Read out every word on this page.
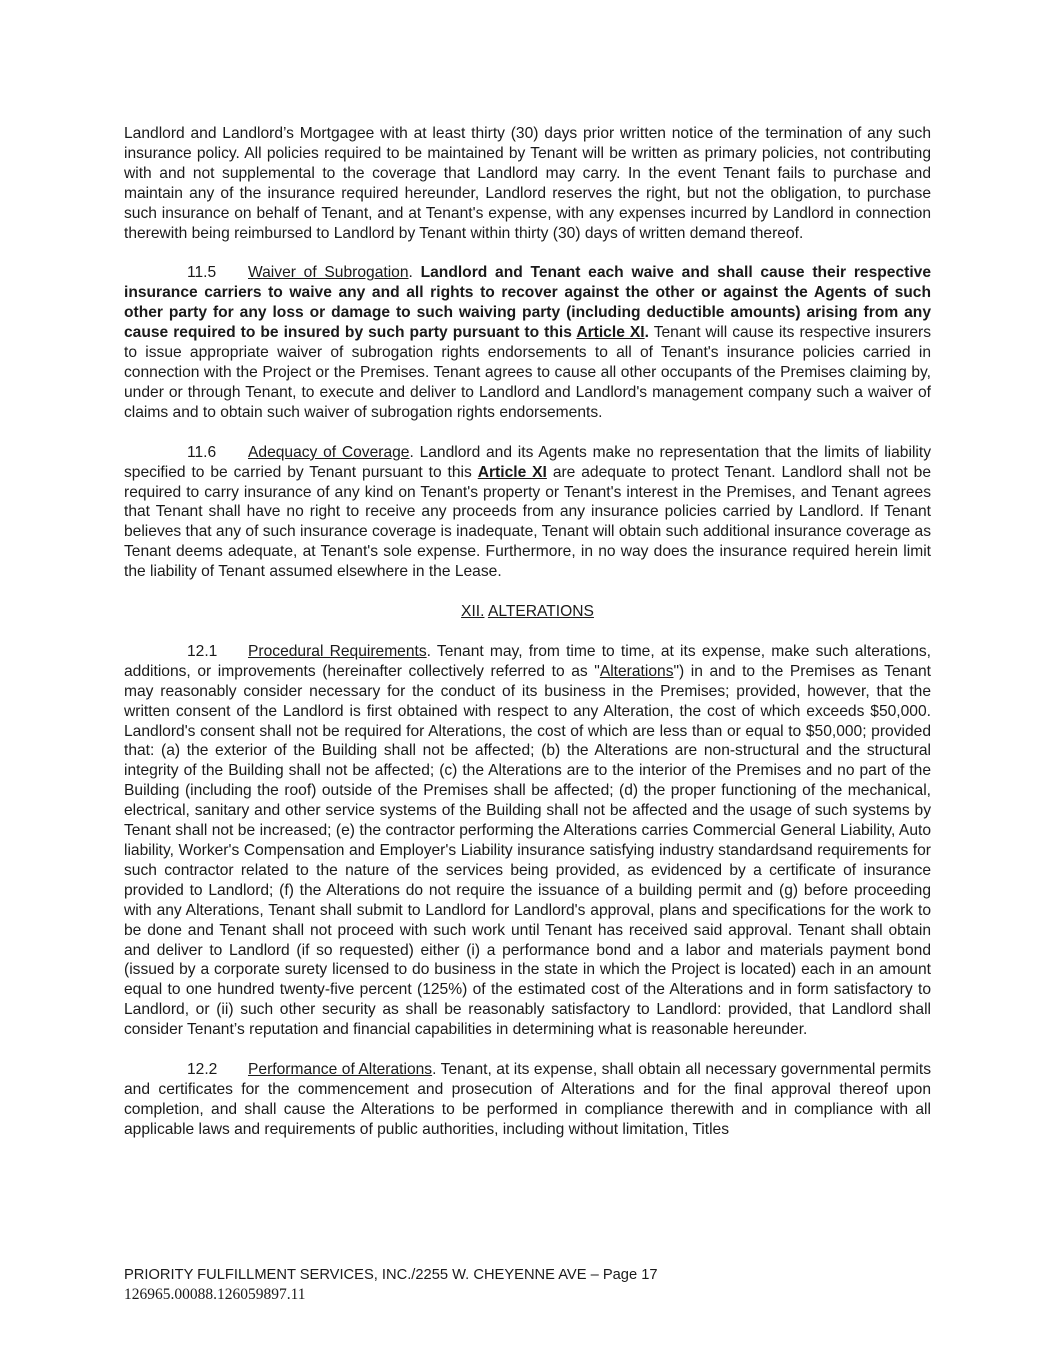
Landlord and Landlord’s Mortgagee with at least thirty (30) days prior written notice of the termination of any such insurance policy. All policies required to be maintained by Tenant will be written as primary policies, not contributing with and not supplemental to the coverage that Landlord may carry. In the event Tenant fails to purchase and maintain any of the insurance required hereunder, Landlord reserves the right, but not the obligation, to purchase such insurance on behalf of Tenant, and at Tenant's expense, with any expenses incurred by Landlord in connection therewith being reimbursed to Landlord by Tenant within thirty (30) days of written demand thereof.

11.5 Waiver of Subrogation. Landlord and Tenant each waive and shall cause their respective insurance carriers to waive any and all rights to recover against the other or against the Agents of such other party for any loss or damage to such waiving party (including deductible amounts) arising from any cause required to be insured by such party pursuant to this Article XI. Tenant will cause its respective insurers to issue appropriate waiver of subrogation rights endorsements to all of Tenant's insurance policies carried in connection with the Project or the Premises. Tenant agrees to cause all other occupants of the Premises claiming by, under or through Tenant, to execute and deliver to Landlord and Landlord's management company such a waiver of claims and to obtain such waiver of subrogation rights endorsements.

11.6 Adequacy of Coverage. Landlord and its Agents make no representation that the limits of liability specified to be carried by Tenant pursuant to this Article XI are adequate to protect Tenant. Landlord shall not be required to carry insurance of any kind on Tenant's property or Tenant's interest in the Premises, and Tenant agrees that Tenant shall have no right to receive any proceeds from any insurance policies carried by Landlord. If Tenant believes that any of such insurance coverage is inadequate, Tenant will obtain such additional insurance coverage as Tenant deems adequate, at Tenant's sole expense. Furthermore, in no way does the insurance required herein limit the liability of Tenant assumed elsewhere in the Lease.

XII. ALTERATIONS

12.1 Procedural Requirements. Tenant may, from time to time, at its expense, make such alterations, additions, or improvements (hereinafter collectively referred to as "Alterations") in and to the Premises as Tenant may reasonably consider necessary for the conduct of its business in the Premises; provided, however, that the written consent of the Landlord is first obtained with respect to any Alteration, the cost of which exceeds $50,000. Landlord's consent shall not be required for Alterations, the cost of which are less than or equal to $50,000; provided that: (a) the exterior of the Building shall not be affected; (b) the Alterations are non-structural and the structural integrity of the Building shall not be affected; (c) the Alterations are to the interior of the Premises and no part of the Building (including the roof) outside of the Premises shall be affected; (d) the proper functioning of the mechanical, electrical, sanitary and other service systems of the Building shall not be affected and the usage of such systems by Tenant shall not be increased; (e) the contractor performing the Alterations carries Commercial General Liability, Auto liability, Worker's Compensation and Employer's Liability insurance satisfying industry standardsand requirements for such contractor related to the nature of the services being provided, as evidenced by a certificate of insurance provided to Landlord; (f) the Alterations do not require the issuance of a building permit and (g) before proceeding with any Alterations, Tenant shall submit to Landlord for Landlord's approval, plans and specifications for the work to be done and Tenant shall not proceed with such work until Tenant has received said approval. Tenant shall obtain and deliver to Landlord (if so requested) either (i) a performance bond and a labor and materials payment bond (issued by a corporate surety licensed to do business in the state in which the Project is located) each in an amount equal to one hundred twenty-five percent (125%) of the estimated cost of the Alterations and in form satisfactory to Landlord, or (ii) such other security as shall be reasonably satisfactory to Landlord: provided, that Landlord shall consider Tenant’s reputation and financial capabilities in determining what is reasonable hereunder.

12.2 Performance of Alterations. Tenant, at its expense, shall obtain all necessary governmental permits and certificates for the commencement and prosecution of Alterations and for the final approval thereof upon completion, and shall cause the Alterations to be performed in compliance therewith and in compliance with all applicable laws and requirements of public authorities, including without limitation, Titles

PRIORITY FULFILLMENT SERVICES, INC./2255 W. CHEYENNE AVE – Page 17
126965.00088.126059897.11
